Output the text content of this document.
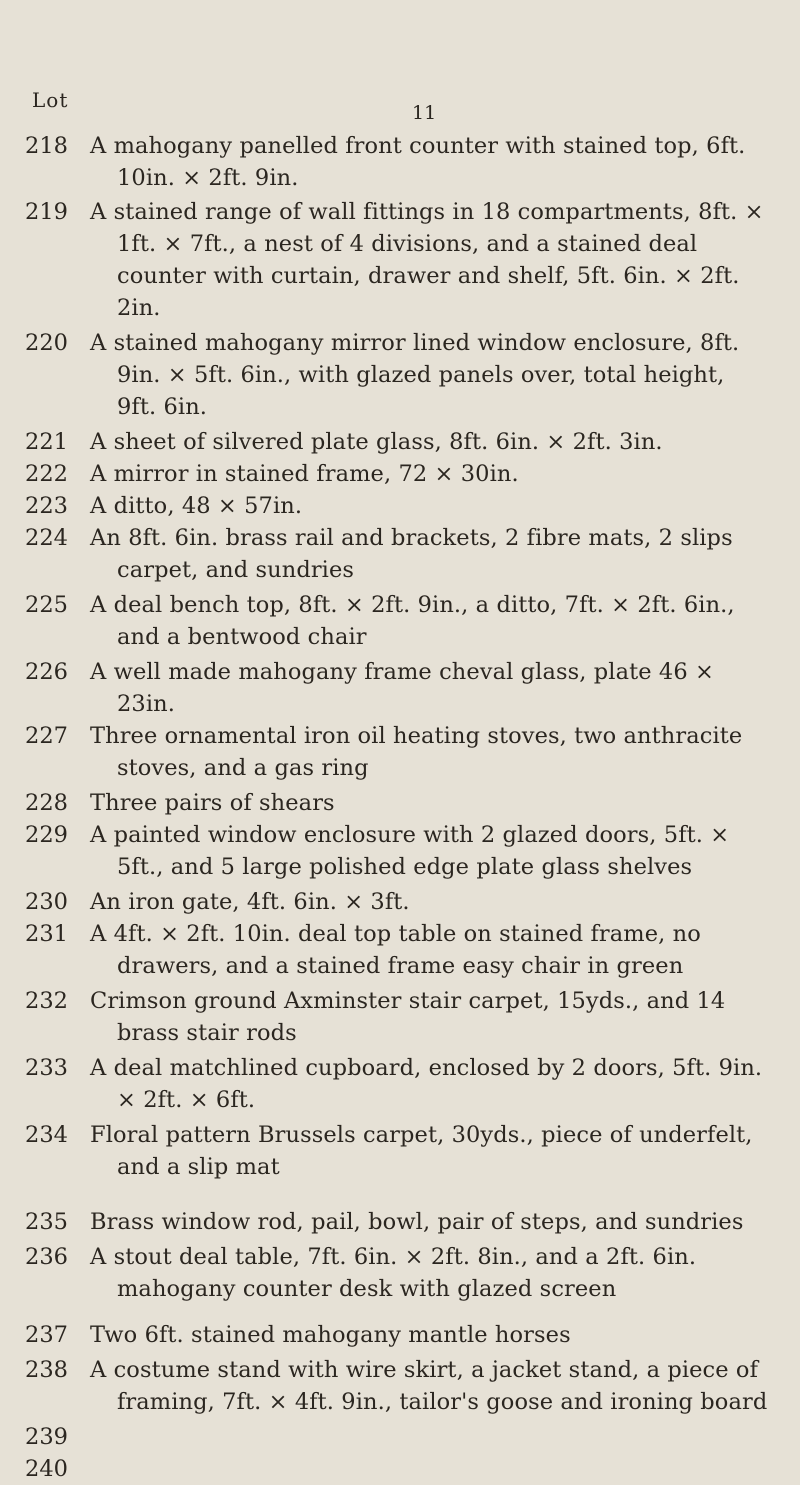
Lot
11
218 A mahogany panelled front counter with stained top, 6ft. 10in. × 2ft. 9in.
219 A stained range of wall fittings in 18 compartments, 8ft. × 1ft. × 7ft., a nest of 4 divisions, and a stained deal counter with curtain, drawer and shelf, 5ft. 6in. × 2ft. 2in.
220 A stained mahogany mirror lined window enclosure, 8ft. 9in. × 5ft. 6in., with glazed panels over, total height, 9ft. 6in.
221 A sheet of silvered plate glass, 8ft. 6in. × 2ft. 3in.
222 A mirror in stained frame, 72 × 30in.
223 A ditto, 48 × 57in.
224 An 8ft. 6in. brass rail and brackets, 2 fibre mats, 2 slips carpet, and sundries
225 A deal bench top, 8ft. × 2ft. 9in., a ditto, 7ft. × 2ft. 6in., and a bentwood chair
226 A well made mahogany frame cheval glass, plate 46 × 23in.
227 Three ornamental iron oil heating stoves, two anthracite stoves, and a gas ring
228 Three pairs of shears
229 A painted window enclosure with 2 glazed doors, 5ft. × 5ft., and 5 large polished edge plate glass shelves
230 An iron gate, 4ft. 6in. × 3ft.
231 A 4ft. × 2ft. 10in. deal top table on stained frame, no drawers, and a stained frame easy chair in green
232 Crimson ground Axminster stair carpet, 15yds., and 14 brass stair rods
233 A deal matchlined cupboard, enclosed by 2 doors, 5ft. 9in. × 2ft. × 6ft.
234 Floral pattern Brussels carpet, 30yds., piece of underfelt, and a slip mat
235 Brass window rod, pail, bowl, pair of steps, and sundries
236 A stout deal table, 7ft. 6in. × 2ft. 8in., and a 2ft. 6in. mahogany counter desk with glazed screen
237 Two 6ft. stained mahogany mantle horses
238 A costume stand with wire skirt, a jacket stand, a piece of framing, 7ft. × 4ft. 9in., tailor's goose and ironing board
239
240
